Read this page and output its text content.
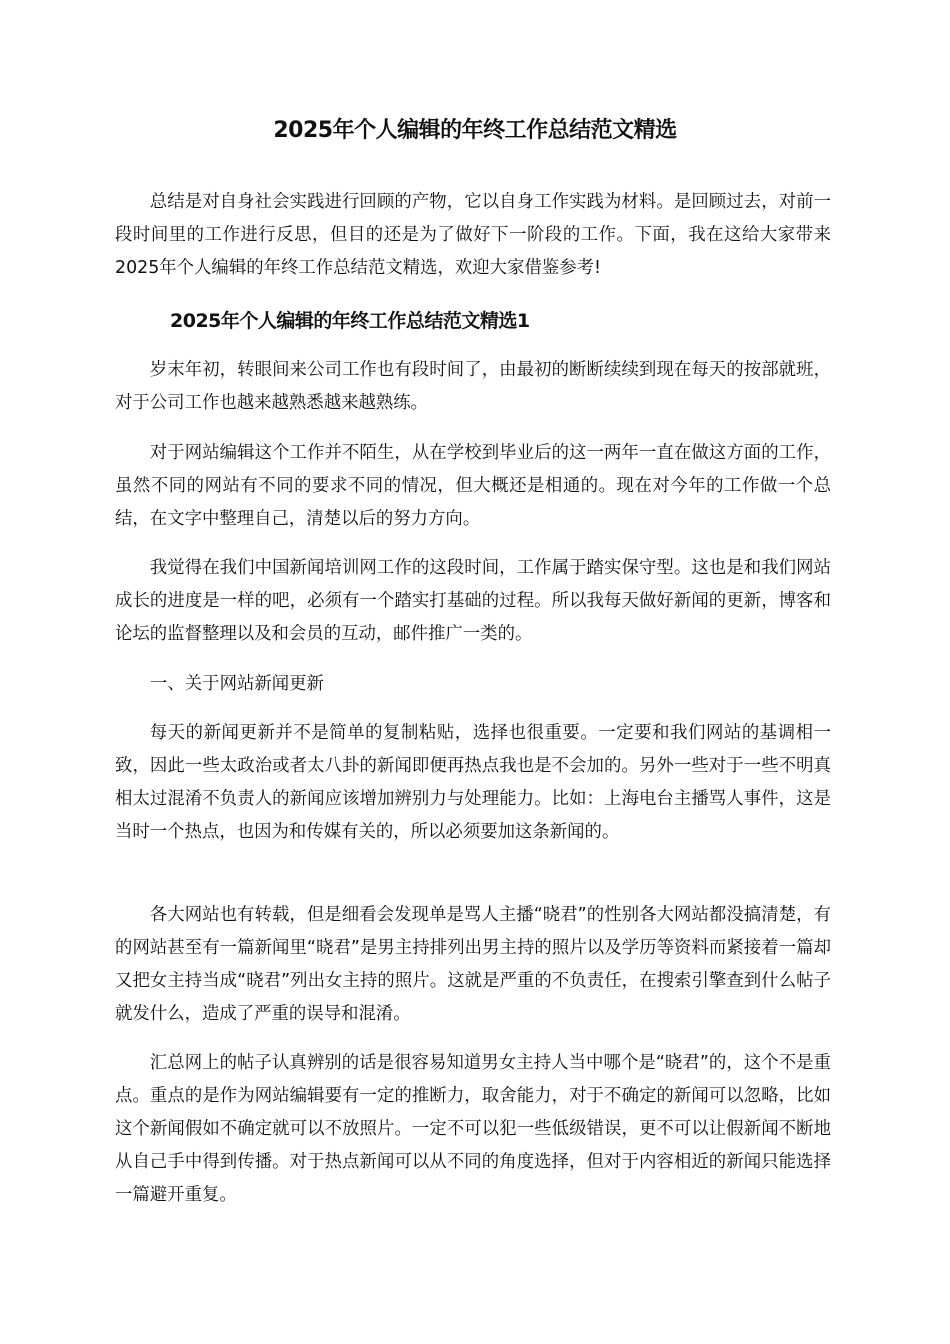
2025年个人编辑的年终工作总结范文精选

总结是对自身社会实践进行回顾的产物，它以自身工作实践为材料。是回顾过去，对前一段时间里的工作进行反思，但目的还是为了做好下一阶段的工作。下面，我在这给大家带来2025年个人编辑的年终工作总结范文精选，欢迎大家借鉴参考!

2025年个人编辑的年终工作总结范文精选1

岁末年初，转眼间来公司工作也有段时间了，由最初的断断续续到现在每天的按部就班，对于公司工作也越来越熟悉越来越熟练。

对于网站编辑这个工作并不陌生，从在学校到毕业后的这一两年一直在做这方面的工作，虽然不同的网站有不同的要求不同的情况，但大概还是相通的。现在对今年的工作做一个总结，在文字中整理自己，清楚以后的努力方向。

我觉得在我们中国新闻培训网工作的这段时间，工作属于踏实保守型。这也是和我们网站成长的进度是一样的吧，必须有一个踏实打基础的过程。所以我每天做好新闻的更新，博客和论坛的监督整理以及和会员的互动，邮件推广一类的。

一、关于网站新闻更新

每天的新闻更新并不是简单的复制粘贴，选择也很重要。一定要和我们网站的基调相一致，因此一些太政治或者太八卦的新闻即便再热点我也是不会加的。另外一些对于一些不明真相太过混淆不负责人的新闻应该增加辨别力与处理能力。比如：上海电台主播骂人事件，这是当时一个热点，也因为和传媒有关的，所以必须要加这条新闻的。

各大网站也有转载，但是细看会发现单是骂人主播“晓君”的性别各大网站都没搞清楚，有的网站甚至有一篇新闻里“晓君”是男主持排列出男主持的照片以及学历等资料而紧接着一篇却又把女主持当成“晓君”列出女主持的照片。这就是严重的不负责任，在搜索引擎查到什么帖子就发什么，造成了严重的误导和混淆。

汇总网上的帖子认真辨别的话是很容易知道男女主持人当中哪个是“晓君”的，这个不是重点。重点的是作为网站编辑要有一定的推断力，取舍能力，对于不确定的新闻可以忽略，比如这个新闻假如不确定就可以不放照片。一定不可以犯一些低级错误，更不可以让假新闻不断地从自己手中得到传播。对于热点新闻可以从不同的角度选择，但对于内容相近的新闻只能选择一篇避开重复。
